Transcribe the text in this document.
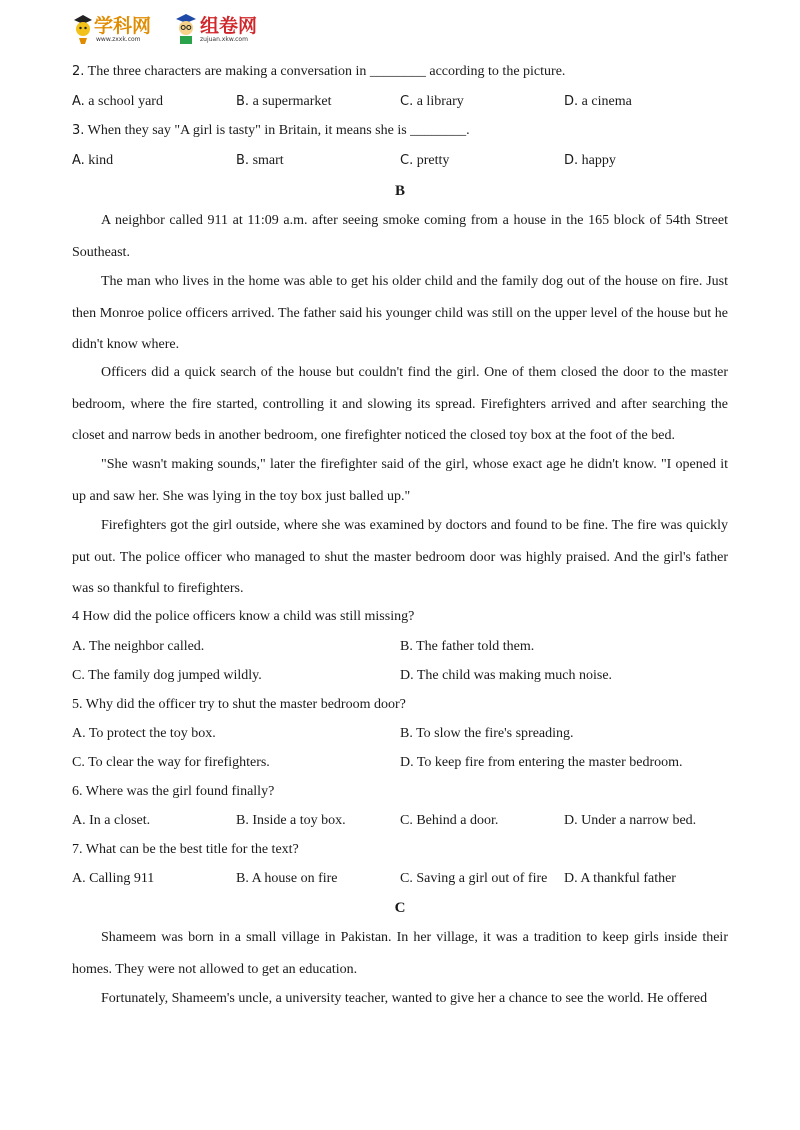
学科网
www.zxxk.com
组卷网
zujuan.xkw.com
2. The three characters are making a conversation in ________ according to the picture.
A. a school yard	B. a supermarket	C. a library	D. a cinema
3. When they say "A girl is tasty" in Britain, it means she is ________.
A. kind	B. smart	C. pretty	D. happy
B

A neighbor called 911 at 11:09 a.m. after seeing smoke coming from a house in the 165 block of 54th Street Southeast.

The man who lives in the home was able to get his older child and the family dog out of the house on fire. Just then Monroe police officers arrived. The father said his younger child was still on the upper level of the house but he didn't know where.

Officers did a quick search of the house but couldn't find the girl. One of them closed the door to the master bedroom, where the fire started, controlling it and slowing its spread. Firefighters arrived and after searching the closet and narrow beds in another bedroom, one firefighter noticed the closed toy box at the foot of the bed.

"She wasn't making sounds," later the firefighter said of the girl, whose exact age he didn't know. "I opened it up and saw her. She was lying in the toy box just balled up."

Firefighters got the girl outside, where she was examined by doctors and found to be fine. The fire was quickly put out. The police officer who managed to shut the master bedroom door was highly praised. And the girl's father was so thankful to firefighters.

4 How did the police officers know a child was still missing?
A. The neighbor called.	B. The father told them.
C. The family dog jumped wildly.	D. The child was making much noise.
5. Why did the officer try to shut the master bedroom door?
A. To protect the toy box.	B. To slow the fire's spreading.
C. To clear the way for firefighters.	D. To keep fire from entering the master bedroom.
6. Where was the girl found finally?
A. In a closet.	B. Inside a toy box.	C. Behind a door.	D. Under a narrow bed.
7. What can be the best title for the text?
A. Calling 911	B. A house on fire	C. Saving a girl out of fire D. A thankful father
C

Shameem was born in a small village in Pakistan. In her village, it was a tradition to keep girls inside their homes. They were not allowed to get an education.

Fortunately, Shameem's uncle, a university teacher, wanted to give her a chance to see the world. He offered
